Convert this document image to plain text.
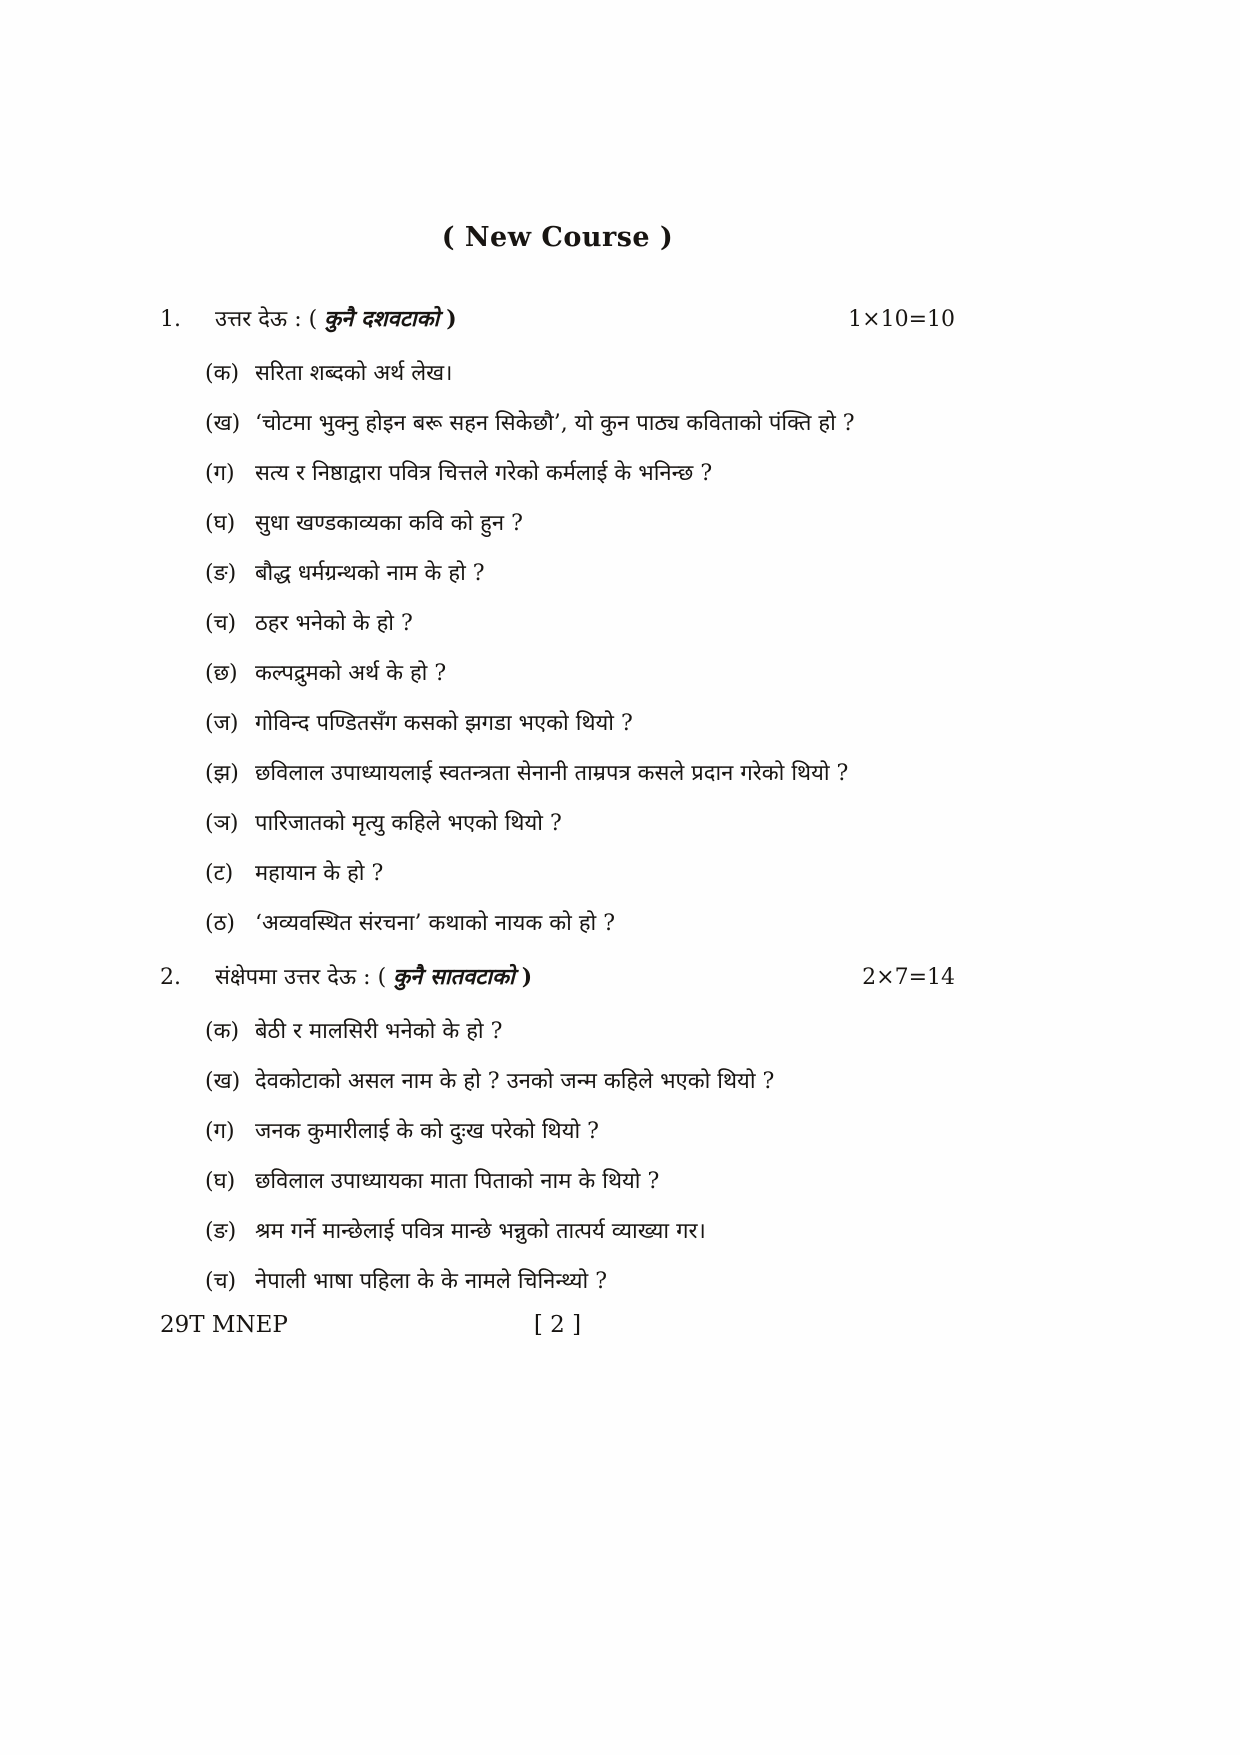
( New Course )
1.	उत्तर देऊ : ( कुनै दशवटाको )	1×10=10
(क) सरिता शब्दको अर्थ लेख।
(ख) ‘चोटमा भुक्नु होइन बरू सहन सिकेछौ’, यो कुन पाठ्य कविताको पंक्ति हो ?
(ग) सत्य र निष्ठाद्वारा पवित्र चित्तले गरेको कर्मलाई के भनिन्छ ?
(घ) सुधा खण्डकाव्यका कवि को हुन ?
(ङ) बौद्ध धर्मग्रन्थको नाम के हो ?
(च) ठहर भनेको के हो ?
(छ) कल्पद्रुमको अर्थ के हो ?
(ज) गोविन्द पण्डितसँग कसको झगडा भएको थियो ?
(झ) छविलाल उपाध्यायलाई स्वतन्त्रता सेनानी ताम्रपत्र कसले प्रदान गरेको थियो ?
(ञ) पारिजातको मृत्यु कहिले भएको थियो ?
(ट) महायान के हो ?
(ठ) ‘अव्यवस्थित संरचना’ कथाको नायक को हो ?
2.	संक्षेपमा उत्तर देऊ : ( कुनै सातवटाको )	2×7=14
(क) बेठी र मालसिरी भनेको के हो ?
(ख) देवकोटाको असल नाम के हो ? उनको जन्म कहिले भएको थियो ?
(ग) जनक कुमारीलाई के को दुःख परेको थियो ?
(घ) छविलाल उपाध्यायका माता पिताको नाम के थियो ?
(ङ) श्रम गर्ने मान्छेलाई पवित्र मान्छे भन्नुको तात्पर्य व्याख्या गर।
(च) नेपाली भाषा पहिला के के नामले चिनिन्थ्यो ?
29T MNEP	[ 2 ]
